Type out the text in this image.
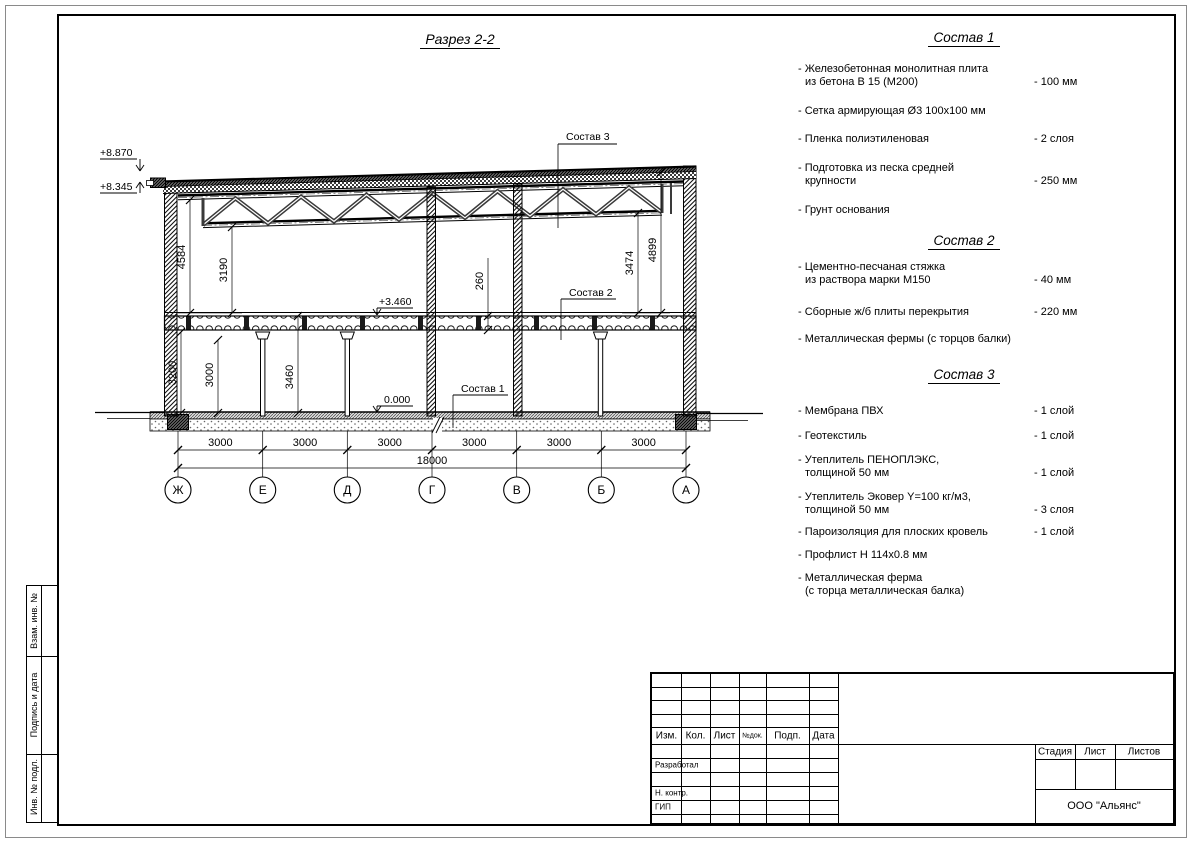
Ж	Е	Д	Г	В	Б	А
3000	3000	3000	3000	3000	3000
18000
4584
3190	260
3474
4899
3200 3000	3460
+8.870
+8.345
+3.460
0.000
Состав 3
Состав 2
Состав 1
Разрез 2-2	Состав 1
- Железобетонная монолитная плита
из бетона В 15 (М200)	- 100 мм
- Сетка армирующая Ø3 100х100 мм
- Пленка полиэтиленовая	- 2 слоя
- Подготовка из песка средней
крупности	- 250 мм
- Грунт основания
Состав 2
- Цементно-песчаная стяжка
из раствора марки М150	- 40 мм
- Сборные ж/б плиты перекрытия	- 220 мм
- Металлическая фермы (с торцов балки)
Состав 3
- Мембрана ПВХ	- 1 слой
- Геотекстиль	- 1 слой
- Утеплитель ПЕНОПЛЭКС,
толщиной 50 мм	- 1 слой
- Утеплитель Эковер Y=100 кг/м3,
толщиной 50 мм	- 3 слоя
- Пароизоляция для плоских кровель	- 1 слой
- Профлист Н 114х0.8 мм
- Металлическая ферма
(с торца металлическая балка)
Взам. инв. №
Подпись и дата
Инв. № подл.
Изм. Кол. Лист №док. Подп. Дата
Разработал
Н. контр.
ГИП
Стадия Лист Листов
ООО "Альянс"
